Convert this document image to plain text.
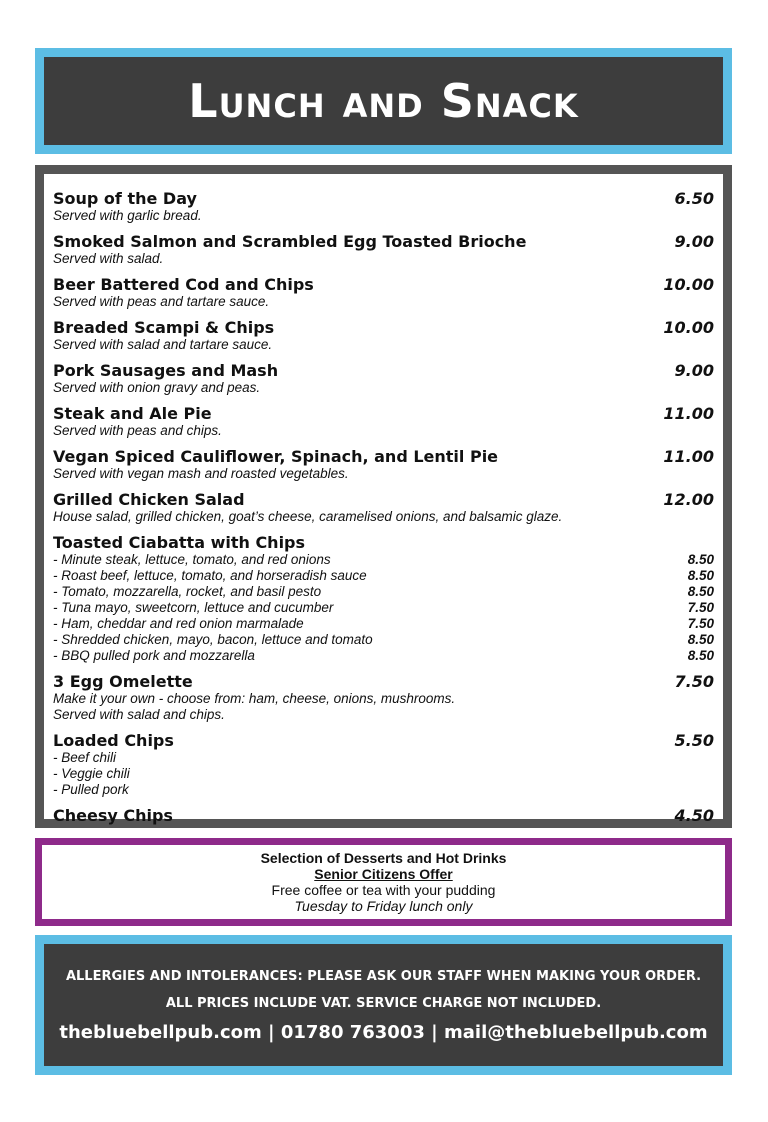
Lunch and Snack
Soup of the Day	6.50
Served with garlic bread.
Smoked Salmon and Scrambled Egg Toasted Brioche	9.00
Served with salad.
Beer Battered Cod and Chips	10.00
Served with peas and tartare sauce.
Breaded Scampi & Chips	10.00
Served with salad and tartare sauce.
Pork Sausages and Mash	9.00
Served with onion gravy and peas.
Steak and Ale Pie	11.00
Served with peas and chips.
Vegan Spiced Cauliflower, Spinach, and Lentil Pie	11.00
Served with vegan mash and roasted vegetables.
Grilled Chicken Salad	12.00
House salad, grilled chicken, goat’s cheese, caramelised onions, and balsamic glaze.
Toasted Ciabatta with Chips
- Minute steak, lettuce, tomato, and red onions	8.50
- Roast beef, lettuce, tomato, and horseradish sauce	8.50
- Tomato, mozzarella, rocket, and basil pesto	8.50
- Tuna mayo, sweetcorn, lettuce and cucumber	7.50
- Ham, cheddar and red onion marmalade	7.50
- Shredded chicken, mayo, bacon, lettuce and tomato	8.50
- BBQ pulled pork and mozzarella	8.50
3 Egg Omelette	7.50
Make it your own - choose from: ham, cheese, onions, mushrooms.
Served with salad and chips.
Loaded Chips	5.50
- Beef chili
- Veggie chili
- Pulled pork
Cheesy Chips	4.50
Selection of Desserts and Hot Drinks
Senior Citizens Offer
Free coffee or tea with your pudding
Tuesday to Friday lunch only
ALLERGIES AND INTOLERANCES: PLEASE ASK OUR STAFF WHEN MAKING YOUR ORDER.
ALL PRICES INCLUDE VAT. SERVICE CHARGE NOT INCLUDED.
thebluebellpub.com | 01780 763003 | mail@thebluebellpub.com
